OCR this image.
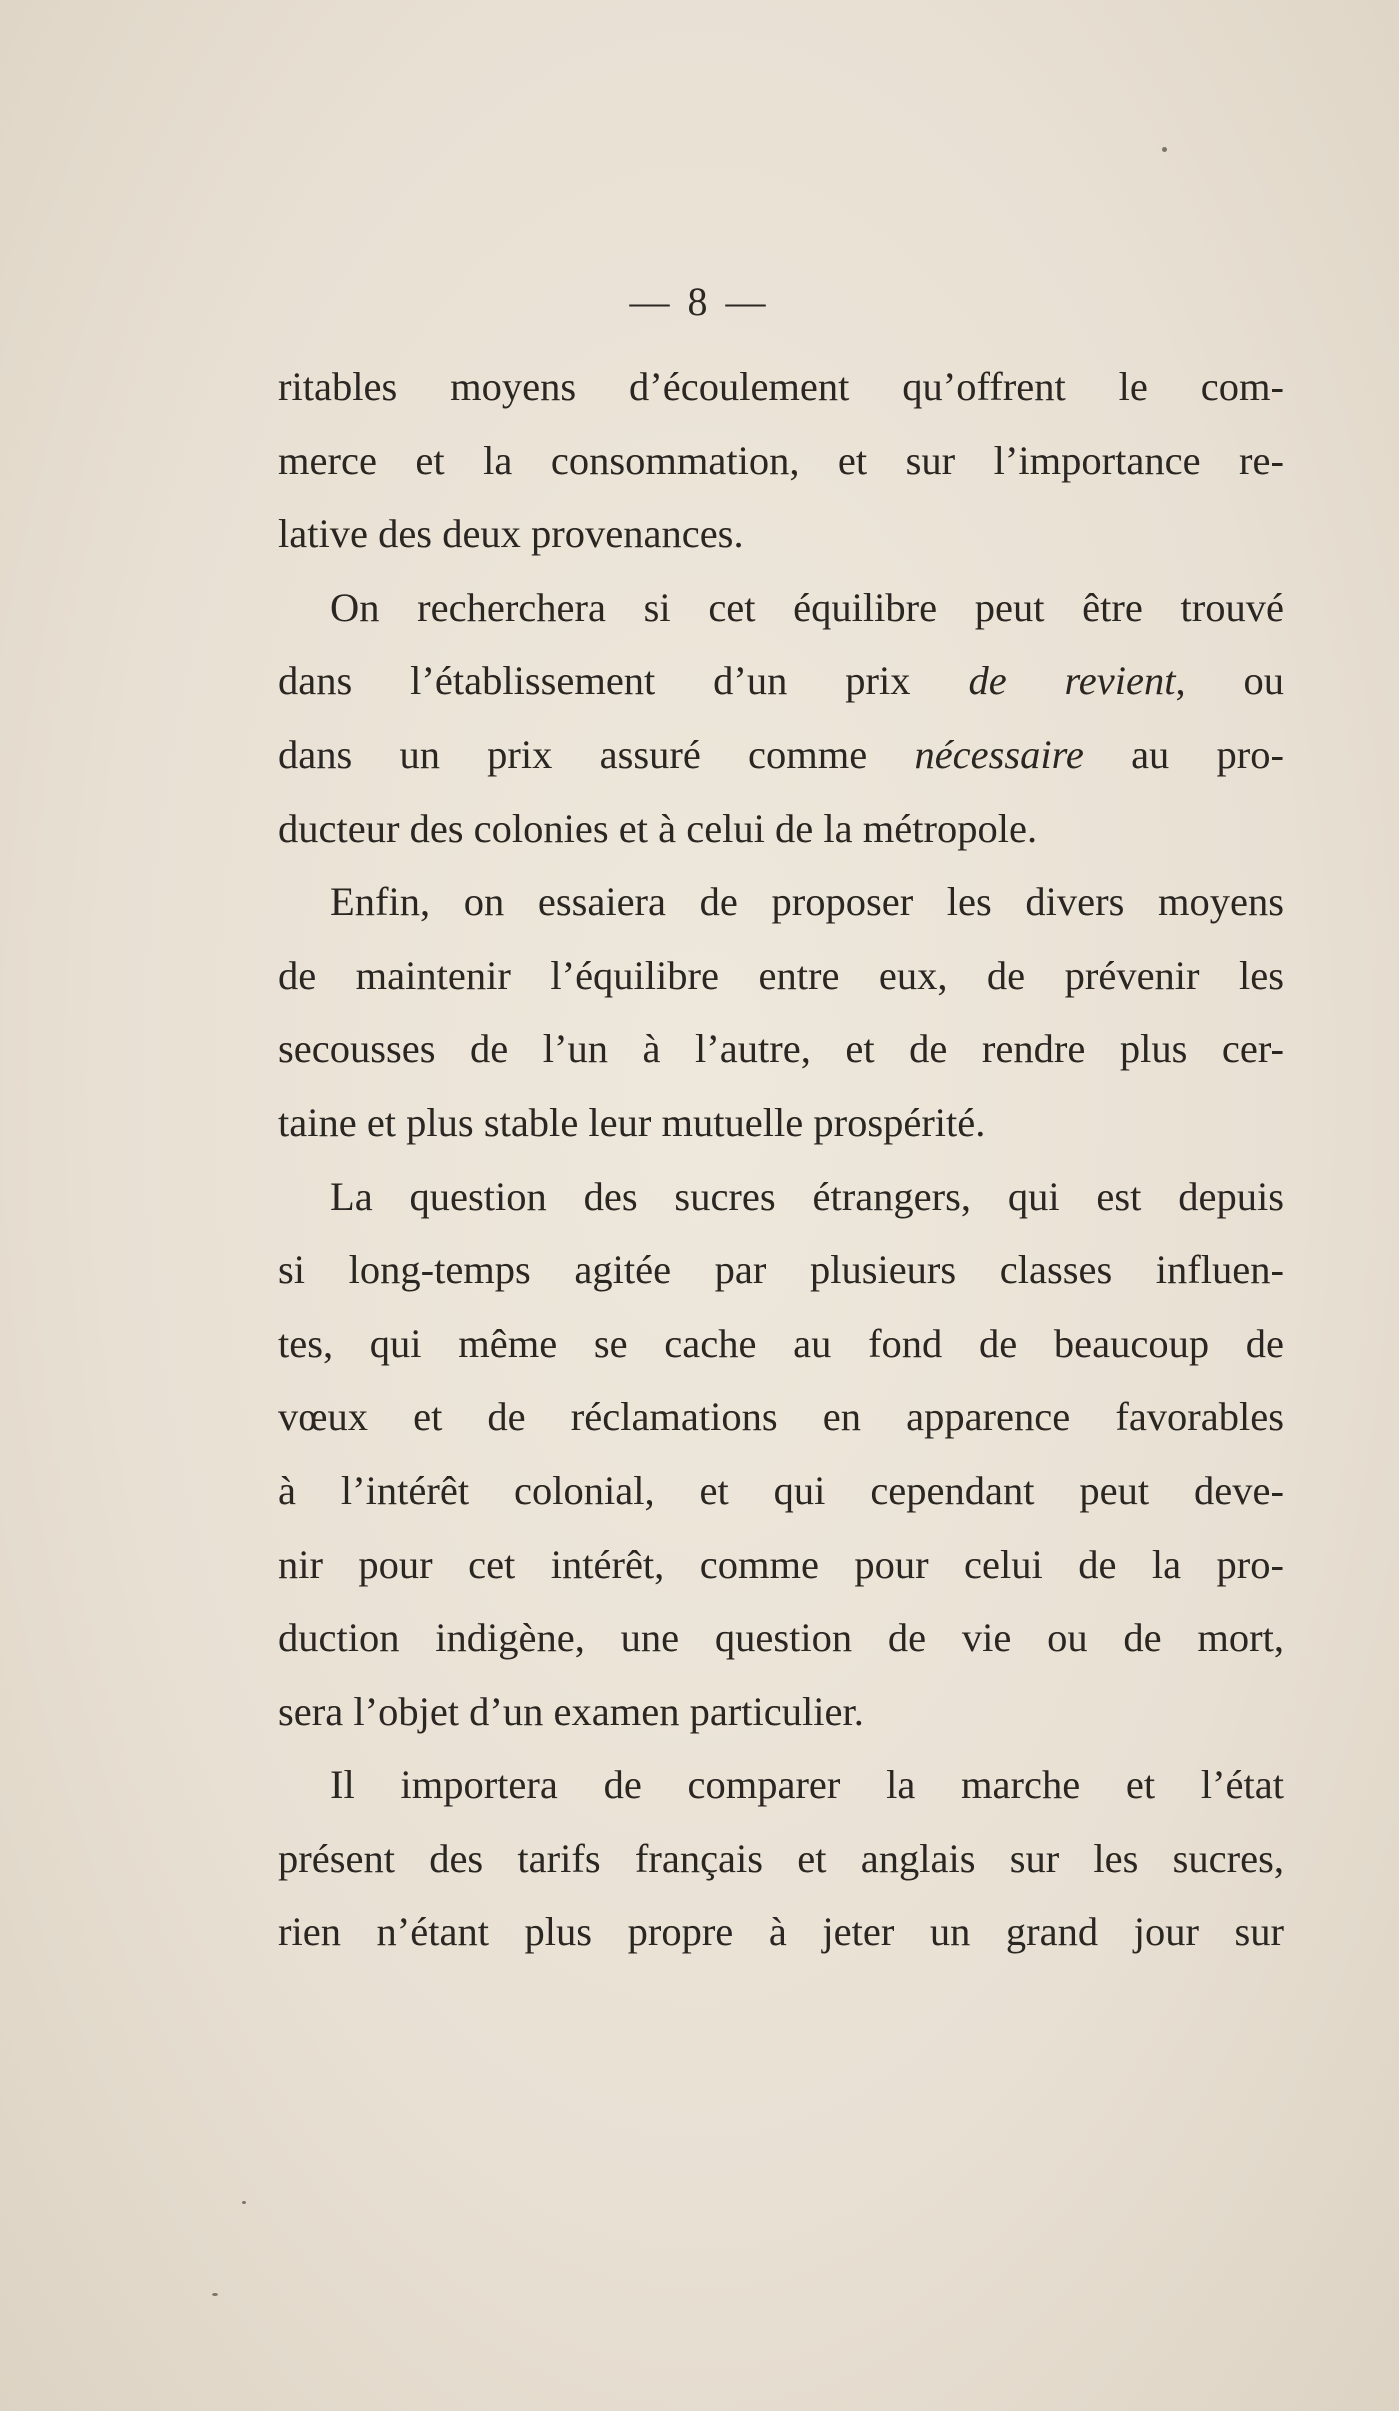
— 8 —
ritables moyens d’écoulement qu’offrent le com-
merce et la consommation, et sur l’importance re-
lative des deux provenances.
On recherchera si cet équilibre peut être trouvé
dans l’établissement d’un prix de revient, ou
dans un prix assuré comme nécessaire au pro-
ducteur des colonies et à celui de la métropole.
Enfin, on essaiera de proposer les divers moyens
de maintenir l’équilibre entre eux, de prévenir les
secousses de l’un à l’autre, et de rendre plus cer-
taine et plus stable leur mutuelle prospérité.
La question des sucres étrangers, qui est depuis
si long-temps agitée par plusieurs classes influen-
tes, qui même se cache au fond de beaucoup de
vœux et de réclamations en apparence favorables
à l’intérêt colonial, et qui cependant peut deve-
nir pour cet intérêt, comme pour celui de la pro-
duction indigène, une question de vie ou de mort,
sera l’objet d’un examen particulier.
Il importera de comparer la marche et l’état
présent des tarifs français et anglais sur les sucres,
rien n’étant plus propre à jeter un grand jour sur
